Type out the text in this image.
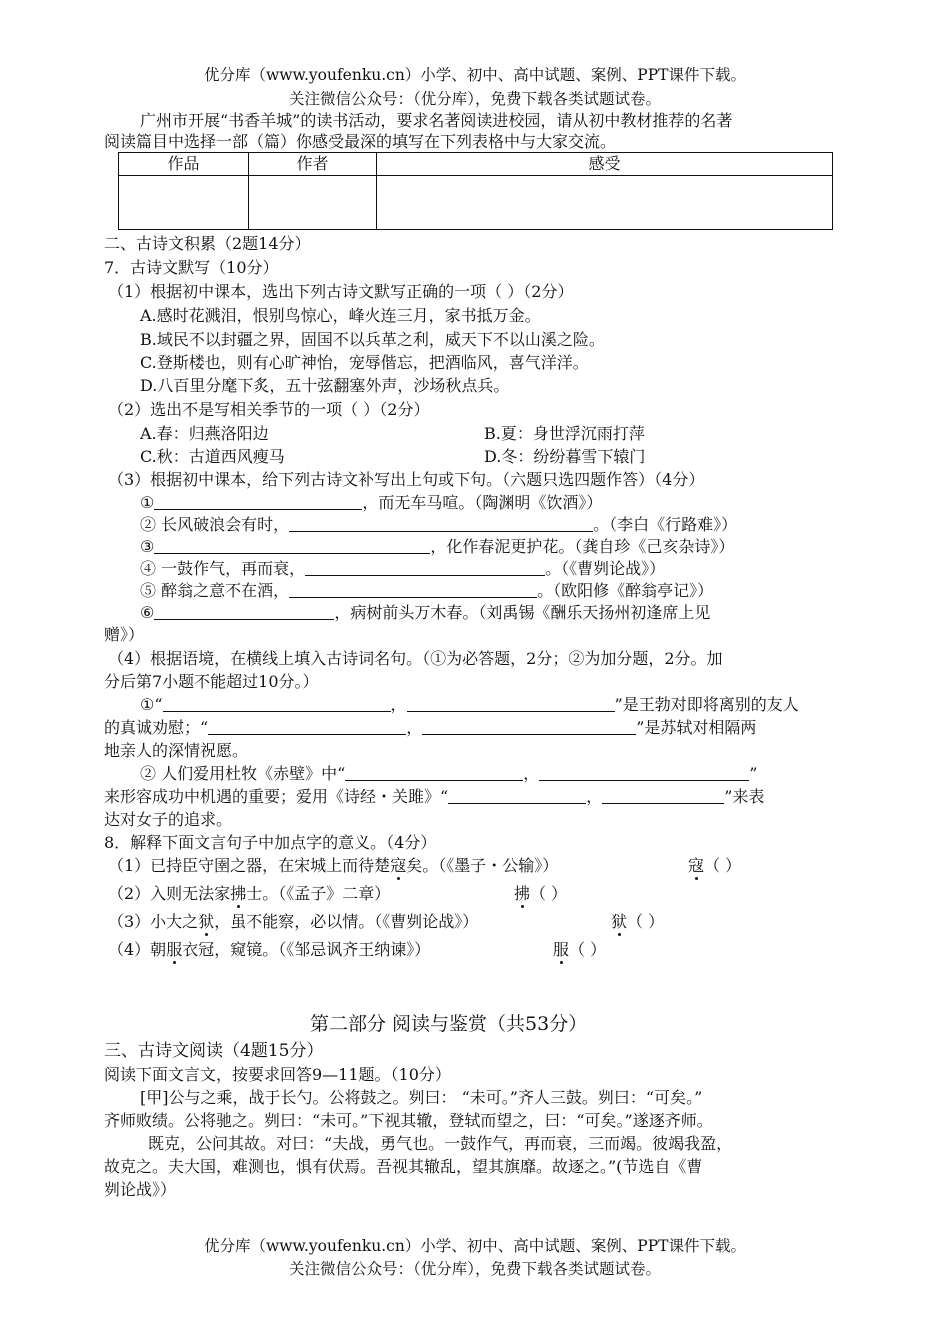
优分库（www.youfenku.cn）小学、初中、高中试题、案例、PPT课件下载。
关注微信公众号：（优分库），免费下载各类试题试卷。
广州市开展“书香羊城”的读书活动，要求名著阅读进校园，请从初中教材推荐的名著
阅读篇目中选择一部（篇）你感受最深的填写在下列表格中与大家交流。
作品	作者	感受

二、古诗文积累（2题14分）
7．古诗文默写（10分）
（1）根据初中课本，选出下列古诗文默写正确的一项（ ）（2分）
A.感时花溅泪，恨别鸟惊心，峰火连三月，家书抵万金。
B.域民不以封疆之界，固国不以兵革之利，威天下不以山溪之险。
C.登斯楼也，则有心旷神怡，宠辱偕忘，把酒临风，喜气洋洋。
D.八百里分麾下炙，五十弦翻塞外声，沙场秋点兵。
（2）选出不是写相关季节的一项（ ）（2分）
A.春：归燕洛阳边	B.夏：身世浮沉雨打萍
C.秋：古道西风瘦马	D.冬：纷纷暮雪下辕门
（3）根据初中课本，给下列古诗文补写出上句或下句。（六题只选四题作答）（4分）
①	，而无车马喧。（陶渊明《饮酒》）
② 长风破浪会有时，	。（李白《行路难》）
③	，化作春泥更护花。（龚自珍《己亥杂诗》）
④ 一鼓作气，再而衰，	。（《曹刿论战》）
⑤ 醉翁之意不在酒，	。（欧阳修《醉翁亭记》）
⑥	，病树前头万木春。（刘禹锡《酬乐天扬州初逢席上见
赠》）
（4）根据语境，在横线上填入古诗词名句。（①为必答题，2分；②为加分题，2分。加
分后第7小题不能超过10分。）
①“	，	”是王勃对即将离别的友人
的真诚劝慰；“	，	”是苏轼对相隔两
地亲人的深情祝愿。
② 人们爱用杜牧《赤壁》中“	，	”
来形容成功中机遇的重要；爱用《诗经・关雎》“	，	”来表
达对女子的追求。
8．解释下面文言句子中加点字的意义。（4分）
（1）已持臣守圉之器，在宋城上而待楚寇矣。（《墨子・公输》）	寇（ ）
（2）入则无法家拂士。（《孟子》二章）	拂（ ）
（3）小大之狱，虽不能察，必以情。（《曹刿论战》）	狱（ ）
（4）朝服衣冠，窥镜。（《邹忌讽齐王纳谏》）	服（ ）
第二部分 阅读与鉴赏（共53分）
三、古诗文阅读（4题15分）
阅读下面文言文，按要求回答9—11题。（10分）
[甲]公与之乘，战于长勺。公将鼓之。刿曰： “未可。”齐人三鼓。刿曰：“可矣。”
齐师败绩。公将驰之。刿曰：“未可。”下视其辙，登轼而望之，曰：“可矣。”遂逐齐师。
既克，公问其故。对曰：“夫战，勇气也。一鼓作气，再而衰，三而竭。彼竭我盈，
故克之。夫大国，难测也，惧有伏焉。吾视其辙乱，望其旗靡。故逐之。”(节选自《曹
刿论战》）
优分库（www.youfenku.cn）小学、初中、高中试题、案例、PPT课件下载。
关注微信公众号：（优分库），免费下载各类试题试卷。
